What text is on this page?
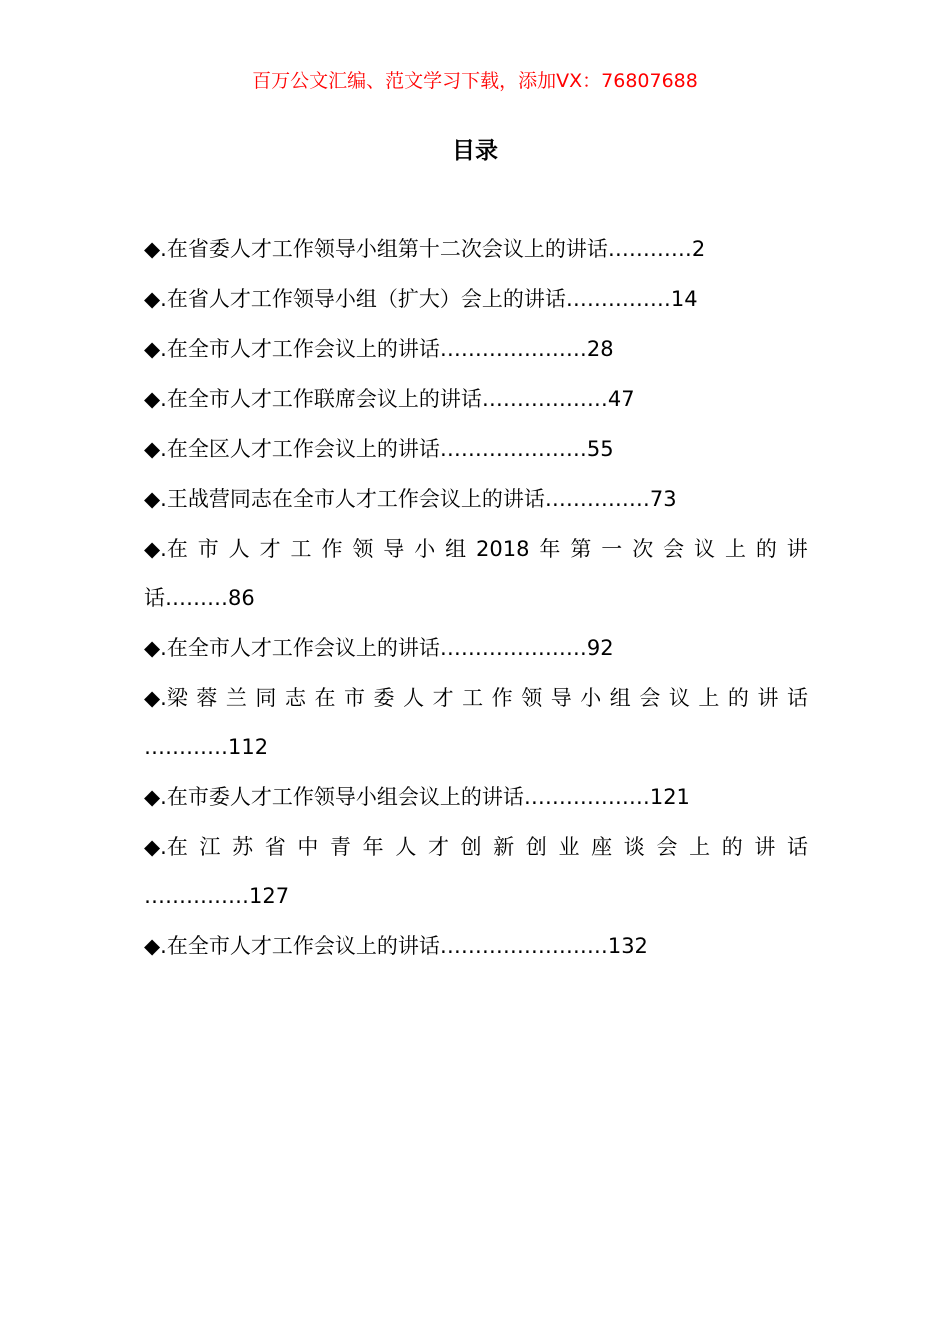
百万公文汇编、范文学习下载，添加VX：76807688
目录
◆.在省委人才工作领导小组第十二次会议上的讲话…………2
◆.在省人才工作领导小组（扩大）会上的讲话……………14
◆.在全市人才工作会议上的讲话…………………28
◆.在全市人才工作联席会议上的讲话………………47
◆.在全区人才工作会议上的讲话…………………55
◆.王战营同志在全市人才工作会议上的讲话……………73
◆.在 市 人 才 工 作 领 导 小 组 2018 年 第 一 次 会 议 上 的 讲
话………86
◆.在全市人才工作会议上的讲话…………………92
◆.梁 蓉 兰 同 志 在 市 委 人 才 工 作 领 导 小 组 会 议 上 的 讲 话
…………112
◆.在市委人才工作领导小组会议上的讲话………………121
◆.在 江 苏 省 中 青 年 人 才 创 新 创 业 座 谈 会 上 的 讲 话
……………127
◆.在全市人才工作会议上的讲话……………………132
